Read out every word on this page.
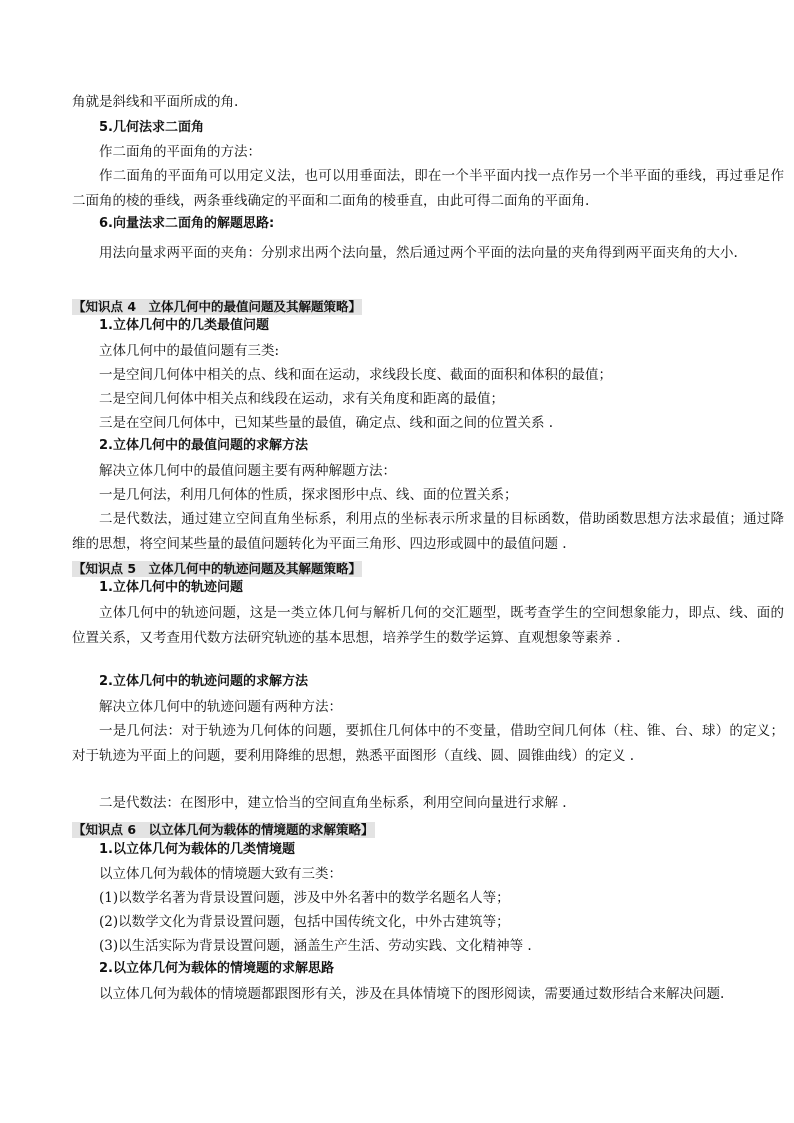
角就是斜线和平面所成的角.
5.几何法求二面角
作二面角的平面角的方法：
作二面角的平面角可以用定义法，也可以用垂面法，即在一个半平面内找一点作另一个半平面的垂线，再过垂足作二面角的棱的垂线，两条垂线确定的平面和二面角的棱垂直，由此可得二面角的平面角.
6.向量法求二面角的解题思路:
用法向量求两平面的夹角：分别求出两个法向量，然后通过两个平面的法向量的夹角得到两平面夹角的大小.
【知识点 4　立体几何中的最值问题及其解题策略】
1.立体几何中的几类最值问题
立体几何中的最值问题有三类:
一是空间几何体中相关的点、线和面在运动，求线段长度、截面的面积和体积的最值；
二是空间几何体中相关点和线段在运动，求有关角度和距离的最值；
三是在空间几何体中，已知某些量的最值，确定点、线和面之间的位置关系 .
2.立体几何中的最值问题的求解方法
解决立体几何中的最值问题主要有两种解题方法：
一是几何法，利用几何体的性质，探求图形中点、线、面的位置关系；
二是代数法，通过建立空间直角坐标系，利用点的坐标表示所求量的目标函数，借助函数思想方法求最值；通过降维的思想，将空间某些量的最值问题转化为平面三角形、四边形或圆中的最值问题 .
【知识点 5　立体几何中的轨迹问题及其解题策略】
1.立体几何中的轨迹问题
立体几何中的轨迹问题，这是一类立体几何与解析几何的交汇题型，既考查学生的空间想象能力，即点、线、面的位置关系，又考查用代数方法研究轨迹的基本思想，培养学生的数学运算、直观想象等素养 .
2.立体几何中的轨迹问题的求解方法
解决立体几何中的轨迹问题有两种方法：
一是几何法：对于轨迹为几何体的问题，要抓住几何体中的不变量，借助空间几何体（柱、锥、台、球）的定义；对于轨迹为平面上的问题，要利用降维的思想，熟悉平面图形（直线、圆、圆锥曲线）的定义 .
二是代数法：在图形中，建立恰当的空间直角坐标系，利用空间向量进行求解 .
【知识点 6　以立体几何为载体的情境题的求解策略】
1.以立体几何为载体的几类情境题
以立体几何为载体的情境题大致有三类：
(1)以数学名著为背景设置问题，涉及中外名著中的数学名题名人等；
(2)以数学文化为背景设置问题，包括中国传统文化，中外古建筑等；
(3)以生活实际为背景设置问题，涵盖生产生活、劳动实践、文化精神等 .
2.以立体几何为载体的情境题的求解思路
以立体几何为载体的情境题都跟图形有关，涉及在具体情境下的图形阅读，需要通过数形结合来解决问题.
